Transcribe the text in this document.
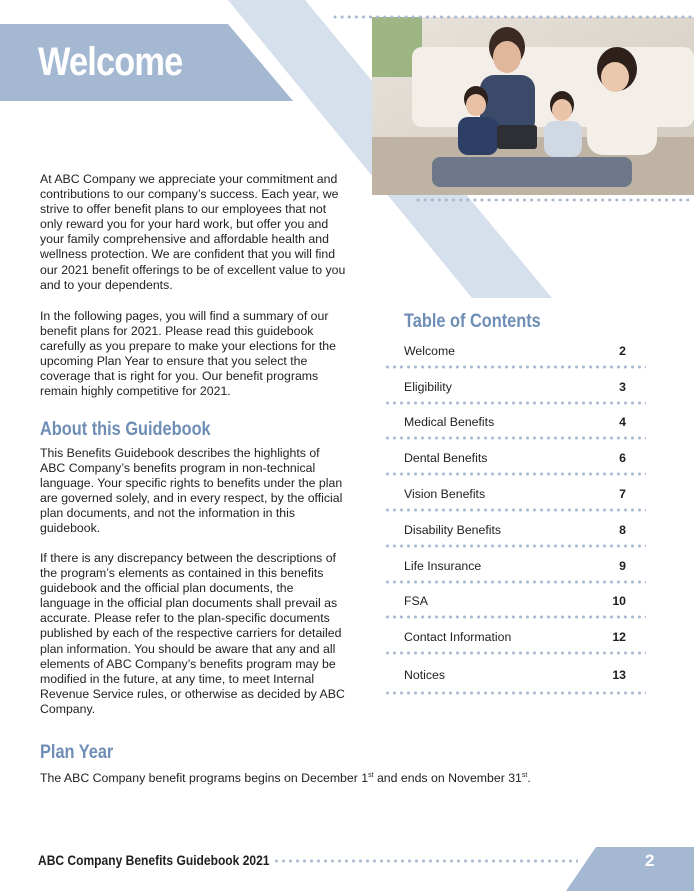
Welcome
At ABC Company we appreciate your commitment and contributions to our company’s success. Each year, we strive to offer benefit plans to our employees that not only reward you for your hard work, but offer you and your family comprehensive and affordable health and wellness protection. We are confident that you will find our 2021 benefit offerings to be of excellent value to you and to your dependents.
In the following pages, you will find a summary of our benefit plans for 2021. Please read this guidebook carefully as you prepare to make your elections for the upcoming Plan Year to ensure that you select the coverage that is right for you. Our benefit programs remain highly competitive for 2021.
About this Guidebook
This Benefits Guidebook describes the highlights of ABC Company’s benefits program in non-technical language. Your specific rights to benefits under the plan are governed solely, and in every respect, by the official plan documents, and not the information in this guidebook.
If there is any discrepancy between the descriptions of the program’s elements as contained in this benefits guidebook and the official plan documents, the language in the official plan documents shall prevail as accurate. Please refer to the plan-specific documents published by each of the respective carriers for detailed plan information. You should be aware that any and all elements of ABC Company’s benefits program may be modified in the future, at any time, to meet Internal Revenue Service rules, or otherwise as decided by ABC Company.
Plan Year
The ABC Company benefit programs begins on December 1st and ends on November 31st.
Table of Contents
Welcome	2
Eligibility	3
Medical Benefits	4
Dental Benefits	6
Vision Benefits	7
Disability Benefits	8
Life Insurance	9
FSA	10
Contact Information	12
Notices	13
ABC Company Benefits Guidebook 2021	2
